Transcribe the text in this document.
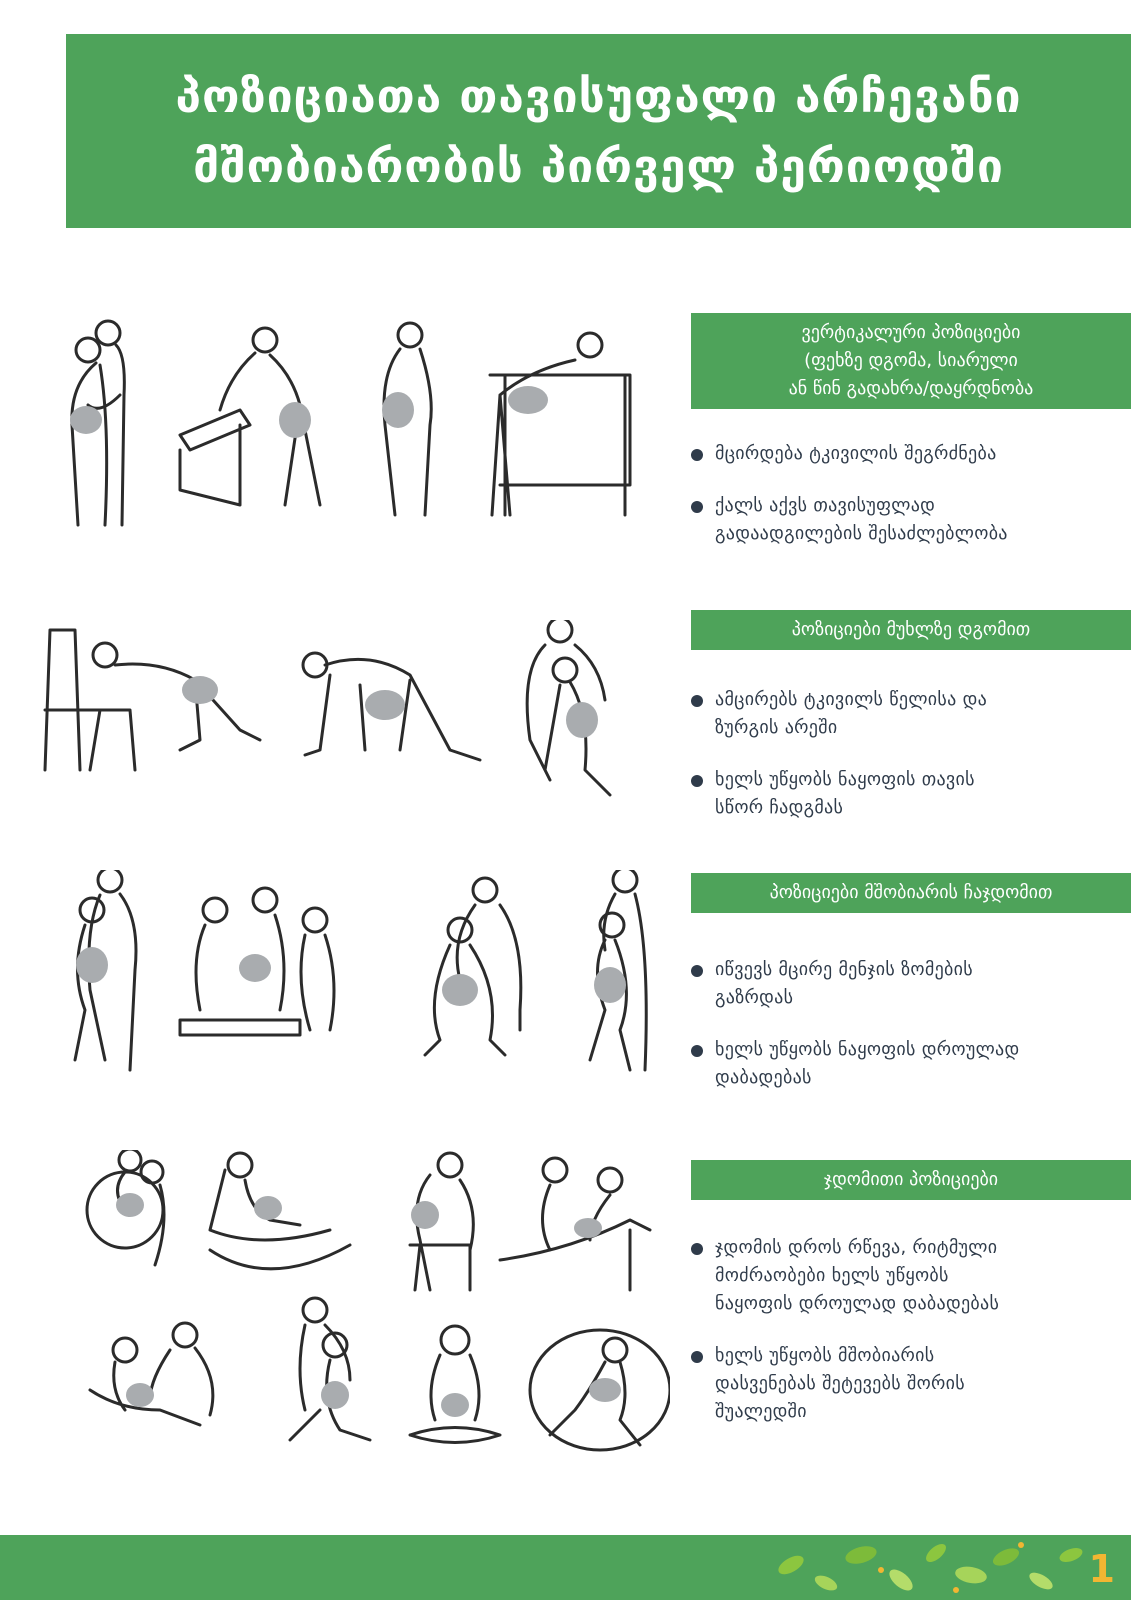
პოზიციათა თავისუფალი არჩევანი
მშობიარობის პირველ პერიოდში
ვერტიკალური პოზიციები
(ფეხზე დგომა, სიარული
ან წინ გადახრა/დაყრდნობა
მცირდება ტკივილის შეგრძნება
ქალს აქვს თავისუფლად
გადაადგილების შესაძლებლობა
პოზიციები მუხლზე დგომით
ამცირებს ტკივილს წელისა და
ზურგის არეში
ხელს უწყობს ნაყოფის თავის
სწორ ჩადგმას
პოზიციები მშობიარის ჩაჯდომით
იწვევს მცირე მენჯის ზომების
გაზრდას
ხელს უწყობს ნაყოფის დროულად
დაბადებას
ჯდომითი პოზიციები
ჯდომის დროს რწევა, რიტმული
მოძრაობები ხელს უწყობს
ნაყოფის დროულად დაბადებას
ხელს უწყობს მშობიარის
დასვენებას შეტევებს შორის
შუალედში
1
